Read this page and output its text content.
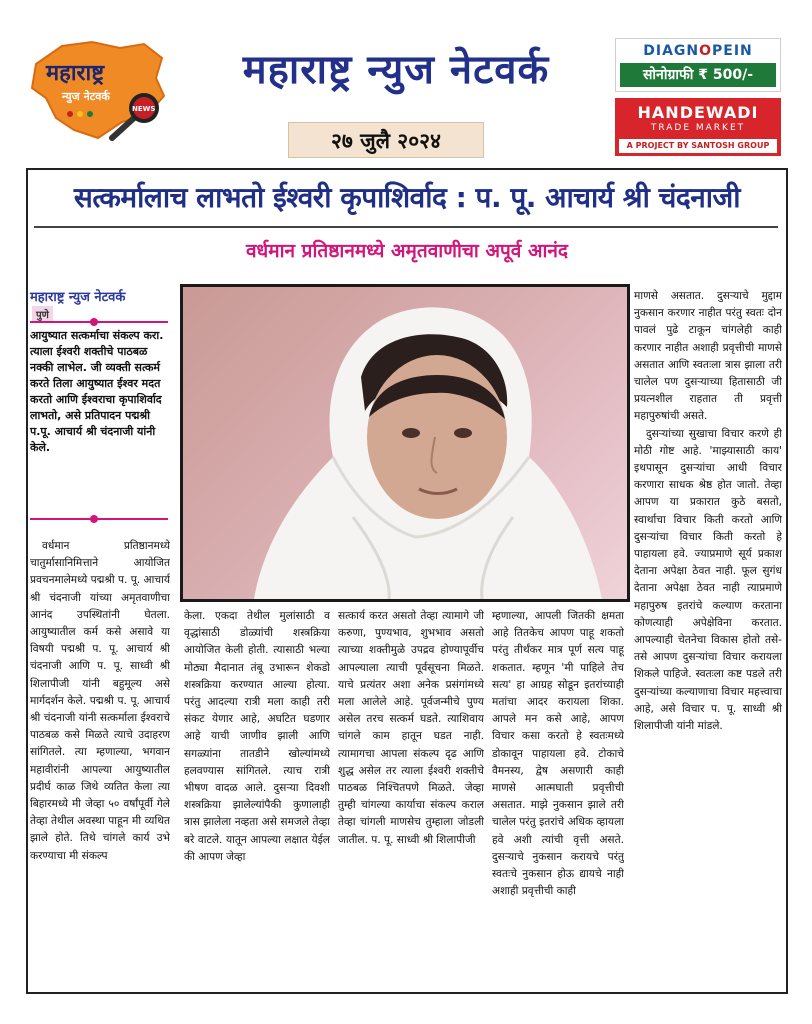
महाराष्ट्र
न्युज नेटवर्क
NEWS
महाराष्ट्र न्युज नेटवर्क
२७ जुलै २०२४
DIAGNOPEIN
सोनोग्राफी ₹ 500/-
HANDEWADI
TRADE MARKET
A PROJECT BY SANTOSH GROUP
सत्कर्मालाच लाभतो ईश्वरी कृपाशिर्वाद : प. पू. आचार्य श्री चंदनाजी
वर्धमान प्रतिष्ठानमध्ये अमृतवाणीचा अपूर्व आनंद
महाराष्ट्र न्युज नेटवर्क
पुणे
आयुष्यात सत्कर्माचा संकल्प करा. त्याला ईश्वरी शक्तीचे पाठबळ नक्की लाभेल. जी व्यक्ती सत्कर्म करते तिला आयुष्यात ईश्वर मदत करतो आणि ईश्वराचा कृपाशिर्वाद लाभतो, असे प्रतिपादन पद्मश्री प.पू. आचार्य श्री चंदनाजी यांनी केले.
वर्धमान प्रतिष्ठानमध्ये चातुर्मासानिमित्ताने आयोजित प्रवचनमालेमध्ये पद्मश्री प. पू. आचार्य श्री चंदनाजी यांच्या अमृतवाणीचा आनंद उपस्थितांनी घेतला. आयुष्यातील कर्म कसे असावे या विषयी पद्मश्री प. पू. आचार्य श्री चंदनाजी आणि प. पू. साध्वी श्री शिलापीजी यांनी बहुमूल्य असे मार्गदर्शन केले. पद्मश्री प. पू. आचार्य श्री चंदनाजी यांनी सत्कर्माला ईश्वराचे पाठबळ कसे मिळते त्याचे उदाहरण सांगितले. त्या म्हणाल्या, भगवान महावीरांनी आपल्या आयुष्यातील प्रदीर्घ काळ जिथे व्यतित केला त्या बिहारमध्ये मी जेव्हा ५० वर्षांपूर्वी गेले तेव्हा तेथील अवस्था पाहून मी व्यथित झाले होते. तिथे चांगले कार्य उभे करण्याचा मी संकल्प
केला. एकदा तेथील मुलांसाठी व वृद्धांसाठी डोळ्यांची शस्त्रक्रिया आयोजित केली होती. त्यासाठी भल्या मोठ्या मैदानात तंबू उभारून शेकडो शस्त्रक्रिया करण्यात आल्या होत्या. परंतु आदल्या रात्री मला काही तरी संकट येणार आहे, अघटित घडणार आहे याची जाणीव झाली आणि सगळ्यांना तातडीने खोल्यांमध्ये हलवण्यास सांगितले. त्याच रात्री भीषण वादळ आले. दुसऱ्या दिवशी शस्त्रक्रिया झालेल्यांपैकी कुणालाही त्रास झालेला नव्हता असे समजले तेव्हा बरे वाटले. यातून आपल्या लक्षात येईल की आपण जेव्हा
सत्कार्य करत असतो तेव्हा त्यामागे जी करुणा, पुण्यभाव, शुभभाव असतो त्याच्या शक्तीमुळे उपद्रव होण्यापूर्वीच आपल्याला त्याची पूर्वसूचना मिळते. याचे प्रत्यंतर अशा अनेक प्रसंगांमध्ये मला आलेले आहे. पूर्वजन्मीचे पुण्य असेल तरच सत्कर्म घडते. त्याशिवाय चांगले काम हातून घडत नाही. त्यामागचा आपला संकल्प दृढ आणि शुद्ध असेल तर त्याला ईश्वरी शक्तीचे पाठबळ निश्चितपणे मिळते. जेव्हा तुम्ही चांगल्या कार्याचा संकल्प कराल तेव्हा चांगली माणसेच तुम्हाला जोडली जातील. प. पू. साध्वी श्री शिलापीजी
म्हणाल्या, आपली जितकी क्षमता आहे तितकेच आपण पाहू शकतो परंतु तीर्थंकर मात्र पूर्ण सत्य पाहू शकतात. म्हणून 'मी पाहिले तेच सत्य' हा आग्रह सोडून इतरांच्याही मतांचा आदर करायला शिका. आपले मन कसे आहे, आपण विचार कसा करतो हे स्वतःमध्ये डोकावून पाहायला हवे. टोकाचे वैमनस्य, द्वेष असणारी काही माणसे आत्मघाती प्रवृत्तीची असतात. माझे नुकसान झाले तरी चालेल परंतु इतरांचे अधिक व्हायला हवे अशी त्यांची वृत्ती असते. दुसऱ्याचे नुकसान करायचे परंतु स्वतःचे नुकसान होऊ द्यायचे नाही अशाही प्रवृत्तीची काही

माणसे असतात. दुसऱ्याचे मुद्दाम नुकसान करणार नाहीत परंतु स्वतः दोन पावलं पुढे टाकून चांगलेही काही करणार नाहीत अशाही प्रवृत्तीची माणसे असतात आणि स्वतःला त्रास झाला तरी चालेल पण दुसऱ्याच्या हितासाठी जी प्रयत्नशील राहतात ती प्रवृत्ती महापुरुषांची असते.

दुसऱ्यांच्या सुखाचा विचार करणे ही मोठी गोष्ट आहे. 'माझ्यासाठी काय' इथपासून दुसऱ्यांचा आधी विचार करणारा साधक श्रेष्ठ होत जातो. तेव्हा आपण या प्रकारात कुठे बसतो, स्वार्थाचा विचार किती करतो आणि दुसऱ्यांचा विचार किती करतो हे पाहायला हवे. ज्याप्रमाणे सूर्य प्रकाश देताना अपेक्षा ठेवत नाही. फूल सुगंध देताना अपेक्षा ठेवत नाही त्याप्रमाणे महापुरुष इतरांचे कल्याण करताना कोणत्याही अपेक्षेविना करतात. आपल्याही चेतनेचा विकास होतो तसे-तसे आपण दुसऱ्यांचा विचार करायला शिकले पाहिजे. स्वतःला कष्ट पडले तरी दुसऱ्यांच्या कल्याणाचा विचार महत्त्वाचा आहे, असे विचार प. पू. साध्वी श्री शिलापीजी यांनी मांडले.
